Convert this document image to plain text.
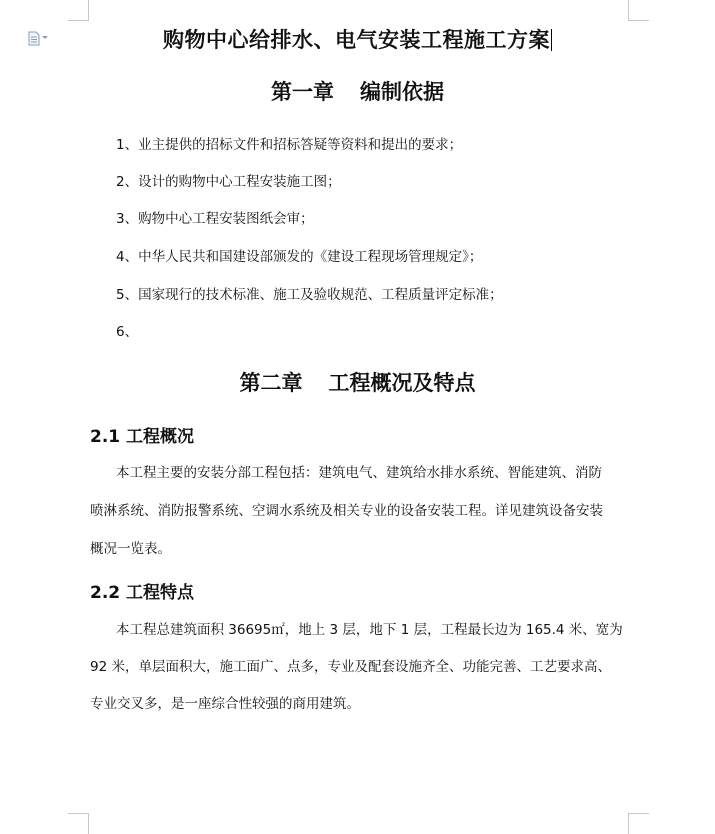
购物中心给排水、电气安装工程施工方案
第一章 编制依据
1、业主提供的招标文件和招标答疑等资料和提出的要求；
2、设计的购物中心工程安装施工图；
3、购物中心工程安装图纸会审；
4、中华人民共和国建设部颁发的《建设工程现场管理规定》；
5、国家现行的技术标准、施工及验收规范、工程质量评定标准；
6、
第二章 工程概况及特点
2.1 工程概况
本工程主要的安装分部工程包括：建筑电气、建筑给水排水系统、智能建筑、消防
喷淋系统、消防报警系统、空调水系统及相关专业的设备安装工程。详见建筑设备安装
概况一览表。
2.2 工程特点
本工程总建筑面积 36695㎡，地上 3 层，地下 1 层，工程最长边为 165.4 米、宽为
92 米，单层面积大，施工面广、点多，专业及配套设施齐全、功能完善、工艺要求高、
专业交叉多，是一座综合性较强的商用建筑。
